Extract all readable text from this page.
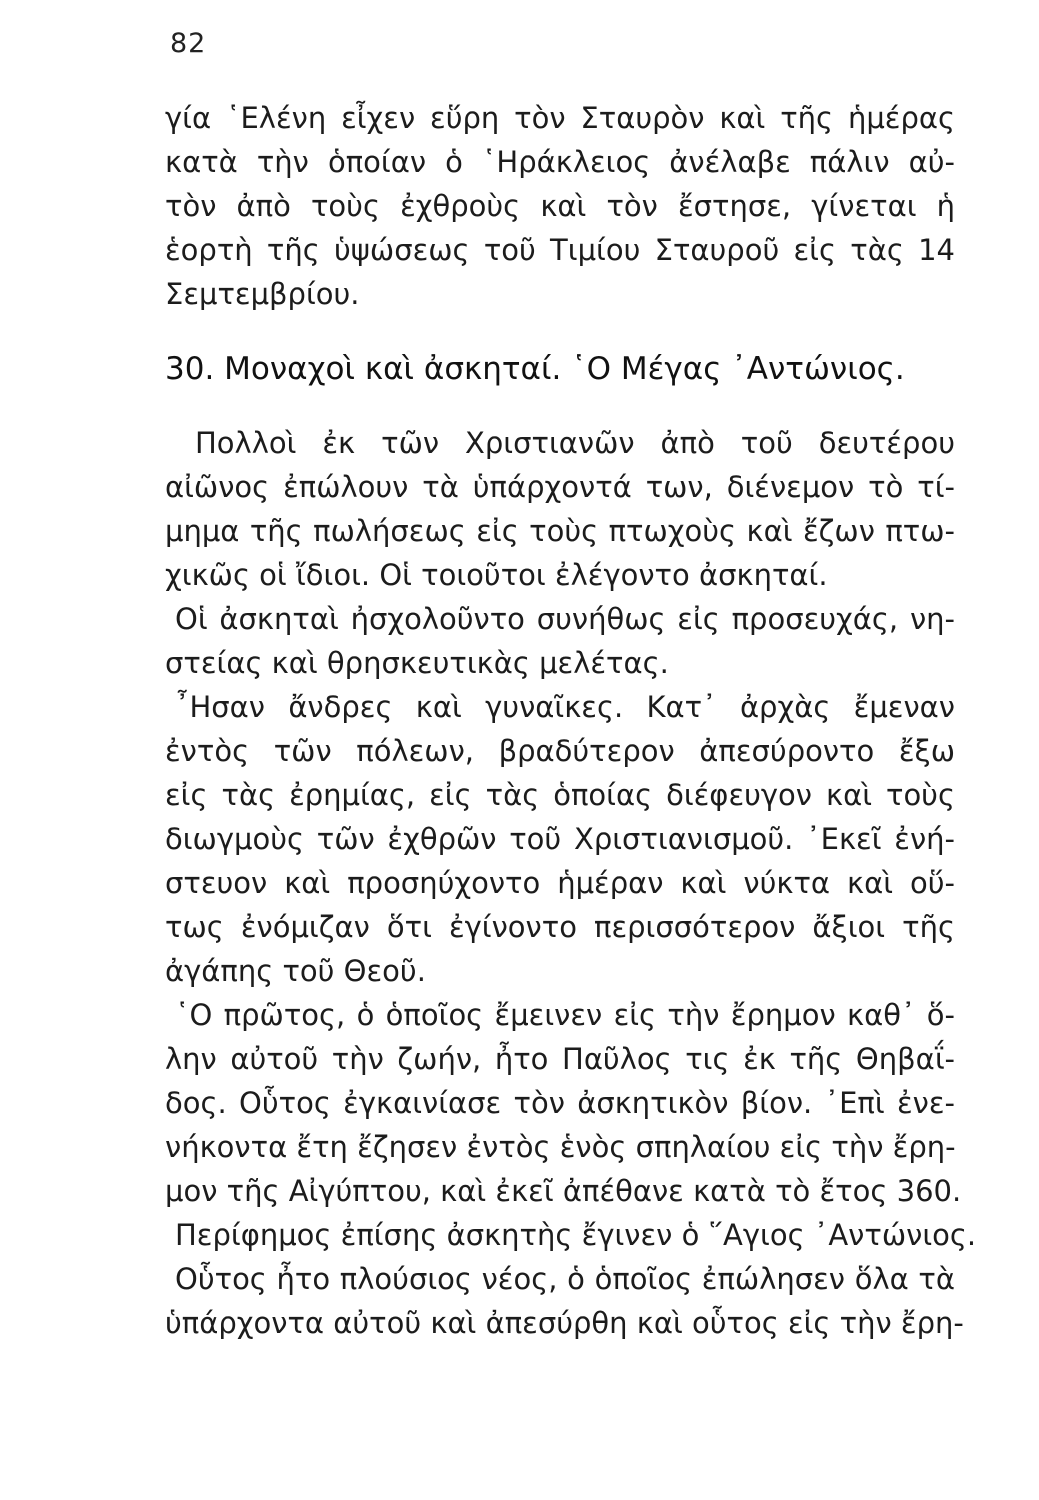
82
γία ῾Ελένη εἶχεν εὕρη τὸν Σταυρὸν καὶ τῆς ἡμέρας
κατὰ τὴν ὁποίαν ὁ ῾Ηράκλειος ἀνέλαβε πάλιν αὐ-
τὸν ἀπὸ τοὺς ἐχθροὺς καὶ τὸν ἔστησε, γίνεται ἡ
ἑορτὴ τῆς ὑψώσεως τοῦ Τιμίου Σταυροῦ εἰς τὰς 14
Σεμτεμβρίου.
30. Μοναχοὶ καὶ ἀσκηταί. ῾Ο Μέγας ᾿Αντώνιος.
Πολλοὶ ἐκ τῶν Χριστιανῶν ἀπὸ τοῦ δευτέρου
αἰῶνος ἐπώλουν τὰ ὑπάρχοντά των, διένεμον τὸ τί-
μημα τῆς πωλήσεως εἰς τοὺς πτωχοὺς καὶ ἔζων πτω-
χικῶς οἱ ἴδιοι. Οἱ τοιοῦτοι ἐλέγοντο ἀσκηταί.
Οἱ ἀσκηταὶ ἠσχολοῦντο συνήθως εἰς προσευχάς, νη-
στείας καὶ θρησκευτικὰς μελέτας.
῏Ησαν ἄνδρες καὶ γυναῖκες. Κατ᾿ ἀρχὰς ἔμεναν
ἐντὸς τῶν πόλεων, βραδύτερον ἀπεσύροντο ἔξω
εἰς τὰς ἐρημίας, εἰς τὰς ὁποίας διέφευγον καὶ τοὺς
διωγμοὺς τῶν ἐχθρῶν τοῦ Χριστιανισμοῦ. ᾿Εκεῖ ἐνή-
στευον καὶ προσηύχοντο ἡμέραν καὶ νύκτα καὶ οὕ-
τως ἐνόμιζαν ὅτι ἐγίνοντο περισσότερον ἄξιοι τῆς
ἀγάπης τοῦ Θεοῦ.
῾Ο πρῶτος, ὁ ὁποῖος ἔμεινεν εἰς τὴν ἔρημον καθ᾿ ὅ-
λην αὐτοῦ τὴν ζωήν, ἦτο Παῦλος τις ἐκ τῆς Θηβαΐ-
δος. Οὗτος ἐγκαινίασε τὸν ἀσκητικὸν βίον. ᾿Επὶ ἐνε-
νήκοντα ἔτη ἔζησεν ἐντὸς ἑνὸς σπηλαίου εἰς τὴν ἔρη-
μον τῆς Αἰγύπτου, καὶ ἐκεῖ ἀπέθανε κατὰ τὸ ἔτος 360.
Περίφημος ἐπίσης ἀσκητὴς ἔγινεν ὁ ῞Αγιος ᾿Αντώνιος.
Οὗτος ἦτο πλούσιος νέος, ὁ ὁποῖος ἐπώλησεν ὅλα τὰ
ὑπάρχοντα αὐτοῦ καὶ ἀπεσύρθη καὶ οὗτος εἰς τὴν ἔρη-
